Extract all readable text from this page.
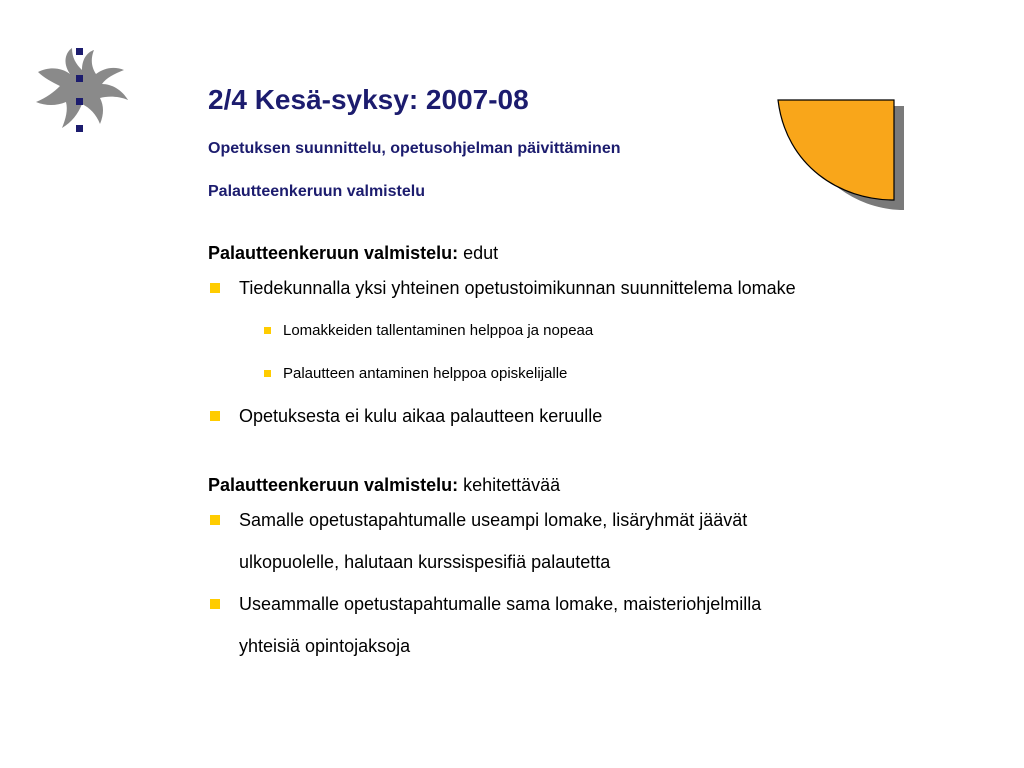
2/4 Kesä-syksy: 2007-08
Opetuksen suunnittelu, opetusohjelman päivittäminen
Palautteenkeruun valmistelu
Palautteenkeruun valmistelu: edut
Tiedekunnalla yksi yhteinen opetustoimikunnan suunnittelema lomake
Lomakkeiden tallentaminen helppoa ja nopeaa
Palautteen antaminen helppoa opiskelijalle
Opetuksesta ei kulu aikaa palautteen keruulle
Palautteenkeruun valmistelu: kehitettävää
Samalle opetustapahtumalle useampi lomake, lisäryhmät jäävät
ulkopuolelle, halutaan kurssispesifiä palautetta
Useammalle opetustapahtumalle sama lomake, maisteriohjelmilla
yhteisiä opintojaksoja
